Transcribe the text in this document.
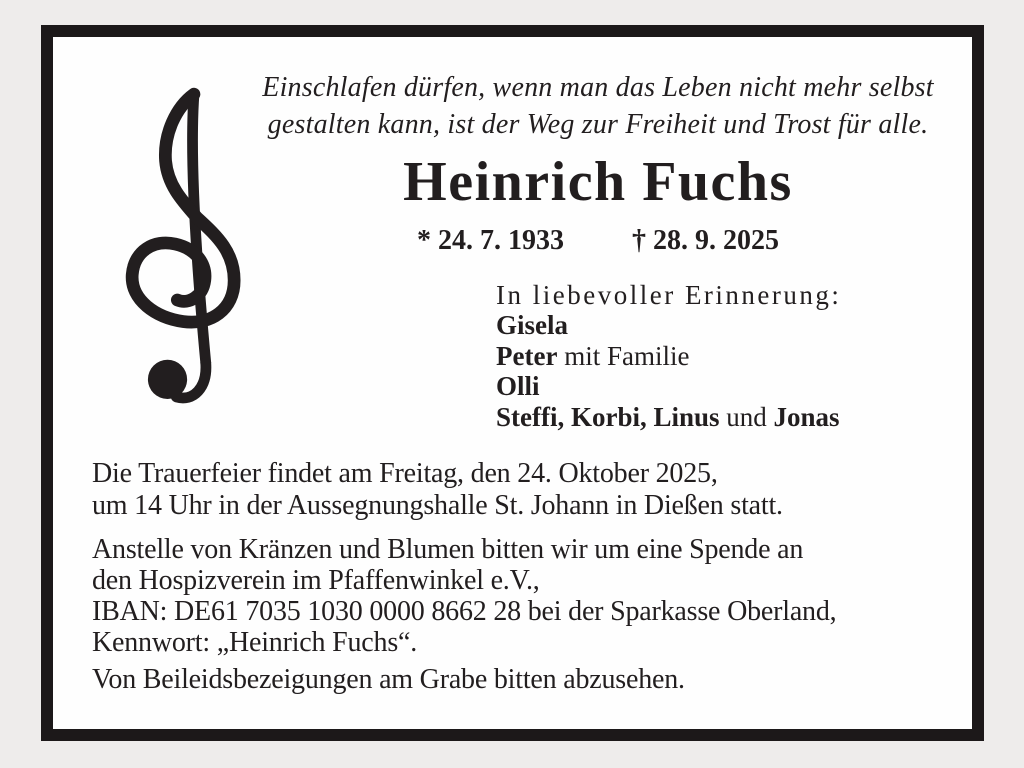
Einschlafen dürfen, wenn man das Leben nicht mehr selbst
gestalten kann, ist der Weg zur Freiheit und Trost für alle.
Heinrich Fuchs
* 24. 7. 1933 † 28. 9. 2025
In liebevoller Erinnerung:
Gisela
Peter mit Familie
Olli
Steffi, Korbi, Linus und Jonas
Die Trauerfeier findet am Freitag, den 24. Oktober 2025,
um 14 Uhr in der Aussegnungshalle St. Johann in Dießen statt.
Anstelle von Kränzen und Blumen bitten wir um eine Spende an
den Hospizverein im Pfaffenwinkel e.V.,
IBAN: DE61 7035 1030 0000 8662 28 bei der Sparkasse Oberland,
Kennwort: „Heinrich Fuchs“.
Von Beileidsbezeigungen am Grabe bitten abzusehen.
